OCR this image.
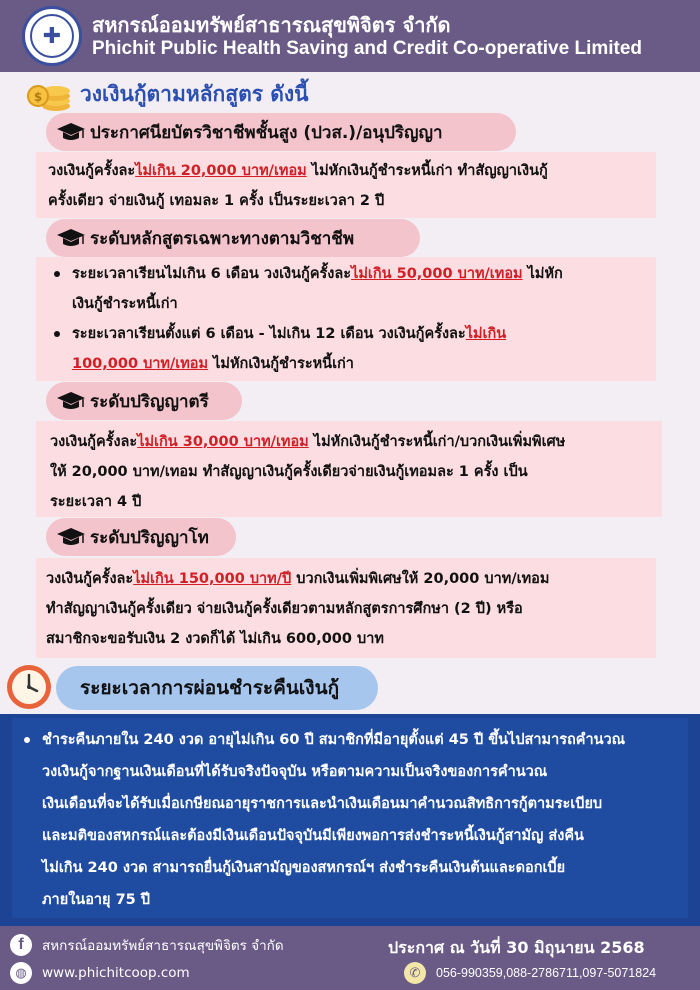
✚	สหกรณ์ออมทรัพย์สาธารณสุขพิจิตร จำกัด
Phichit Public Health Saving and Credit Co-operative Limited
$ วงเงินกู้ตามหลักสูตร ดังนี้
ประกาศนียบัตรวิชาชีพชั้นสูง (ปวส.)/อนุปริญญา

วงเงินกู้ครั้งละไม่เกิน 20,000 บาท/เทอม ไม่หักเงินกู้ชำระหนี้เก่า ทำสัญญาเงินกู้

ครั้งเดียว จ่ายเงินกู้ เทอมละ 1 ครั้ง เป็นระยะเวลา 2 ปี

ระดับหลักสูตรเฉพาะทางตามวิชาชีพ

ระยะเวลาเรียนไม่เกิน 6 เดือน วงเงินกู้ครั้งละไม่เกิน 50,000 บาท/เทอม ไม่หัก

เงินกู้ชำระหนี้เก่า

ระยะเวลาเรียนตั้งแต่ 6 เดือน - ไม่เกิน 12 เดือน วงเงินกู้ครั้งละไม่เกิน

100,000 บาท/เทอม ไม่หักเงินกู้ชำระหนี้เก่า

ระดับปริญญาตรี

วงเงินกู้ครั้งละไม่เกิน 30,000 บาท/เทอม ไม่หักเงินกู้ชำระหนี้เก่า/บวกเงินเพิ่มพิเศษ

ให้ 20,000 บาท/เทอม ทำสัญญาเงินกู้ครั้งเดียวจ่ายเงินกู้เทอมละ 1 ครั้ง เป็น

ระยะเวลา 4 ปี

ระดับปริญญาโท

วงเงินกู้ครั้งละไม่เกิน 150,000 บาท/ปี บวกเงินเพิ่มพิเศษให้ 20,000 บาท/เทอม

ทำสัญญาเงินกู้ครั้งเดียว จ่ายเงินกู้ครั้งเดียวตามหลักสูตรการศึกษา (2 ปี) หรือ

สมาชิกจะขอรับเงิน 2 งวดก็ได้ ไม่เกิน 600,000 บาท

ระยะเวลาการผ่อนชำระคืนเงินกู้

ชำระคืนภายใน 240 งวด อายุไม่เกิน 60 ปี สมาชิกที่มีอายุตั้งแต่ 45 ปี ขึ้นไปสามารถคำนวณ

วงเงินกู้จากฐานเงินเดือนที่ได้รับจริงปัจจุบัน หรือตามความเป็นจริงของการคำนวณ

เงินเดือนที่จะได้รับเมื่อเกษียณอายุราชการและนำเงินเดือนมาคำนวณสิทธิการกู้ตามระเบียบ

และมติของสหกรณ์และต้องมีเงินเดือนปัจจุบันมีเพียงพอการส่งชำระหนี้เงินกู้สามัญ ส่งคืน

ไม่เกิน 240 งวด สามารถยื่นกู้เงินสามัญของสหกรณ์ฯ ส่งชำระคืนเงินต้นและดอกเบี้ย

ภายในอายุ 75 ปี

f	สหกรณ์ออมทรัพย์สาธารณสุขพิจิตร จำกัด
◍	www.phichitcoop.com
ประกาศ ณ วันที่ 30 มิถุนายน 2568
✆	056-990359,088-2786711,097-5071824
